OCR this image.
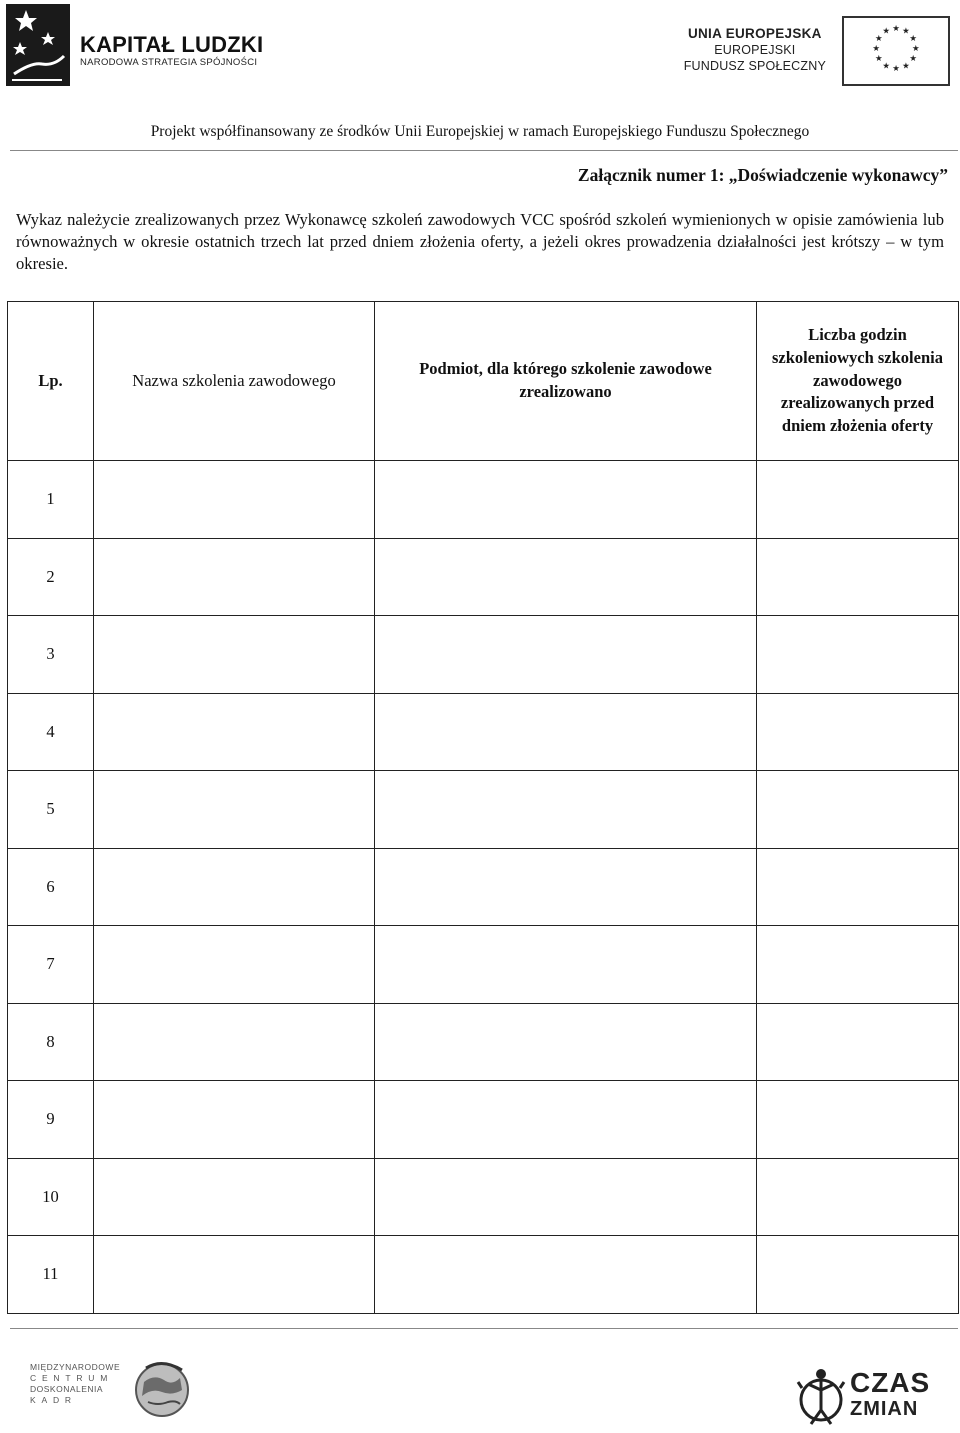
KAPITAŁ LUDZKI
NARODOWA STRATEGIA SPÓJNOŚCI
UNIA EUROPEJSKA
EUROPEJSKI
FUNDUSZ SPOŁECZNY
★ ★
★
★
★
★
★
★
★
★
★
★
Projekt współfinansowany ze środków Unii Europejskiej w ramach Europejskiego Funduszu Społecznego
Załącznik numer 1: „Doświadczenie wykonawcy”

Wykaz należycie zrealizowanych przez Wykonawcę szkoleń zawodowych VCC spośród szkoleń wymienionych w opisie zamówienia lub równoważnych w okresie ostatnich trzech lat przed dniem złożenia oferty, a jeżeli okres prowadzenia działalności jest krótszy – w tym okresie.

Lp.	Nazwa szkolenia zawodowego	Podmiot, dla którego szkolenie zawodowe zrealizowano	Liczba godzin szkoleniowych szkolenia zawodowego zrealizowanych przed dniem złożenia oferty
1			
2			
3			
4			
5			
6			
7			
8			
9			
10			
11			
MIĘDZYNARODOWE
CENTRUM
DOSKONALENIA
KADR
CZAS
ZMIAN
